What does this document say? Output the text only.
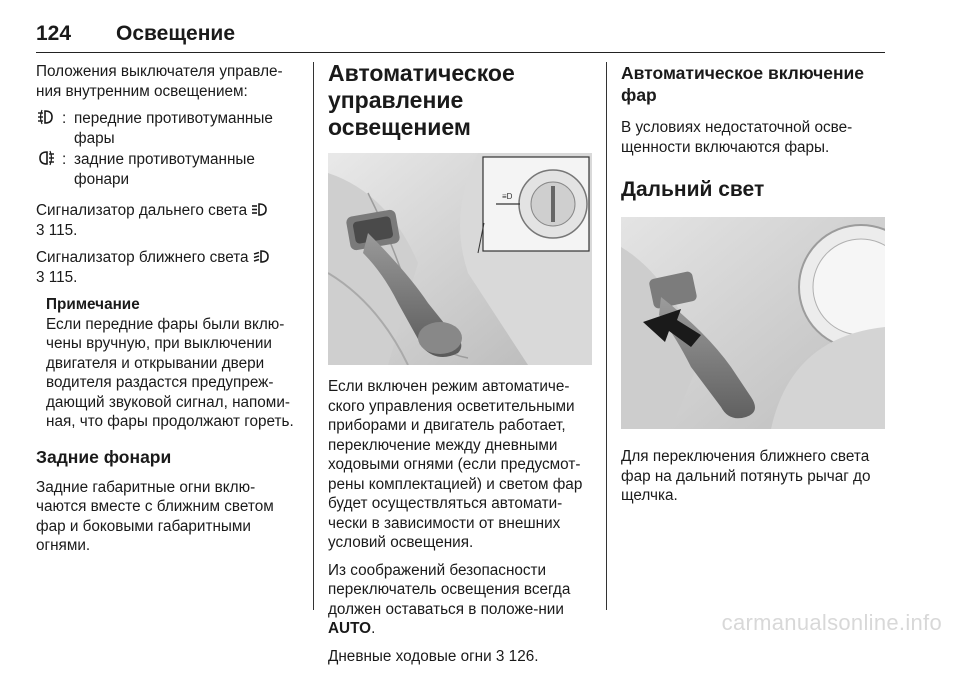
124 Освещение

Положения выключателя управле-ния внутренним освещением:

: передние противотуманные фары
: задние противотуманные фонари

Сигнализатор дальнего света
3 115.

Сигнализатор ближнего света
3 115.

Примечание
Если передние фары были вклю-чены вручную, при выключении двигателя и открывании двери водителя раздастся предупреж-дающий звуковой сигнал, напоми-ная, что фары продолжают гореть.
Задние фонари

Задние габаритные огни вклю-чаются вместе с ближним светом фар и боковыми габаритными огнями.

Автоматическое управление освещением
≡D

Если включен режим автоматиче-ского управления осветительными приборами и двигатель работает, переключение между дневными ходовыми огнями (если предусмот-рены комплектацией) и светом фар будет осуществляться автомати-чески в зависимости от внешних условий освещения.

Из соображений безопасности переключатель освещения всегда должен оставаться в положе-нии AUTO.

Дневные ходовые огни 3 126.

Автоматическое включение фар

В условиях недостаточной осве-щенности включаются фары.

Дальний свет

Для переключения ближнего света фар на дальний потянуть рычаг до щелчка.

carmanualsonline.info
